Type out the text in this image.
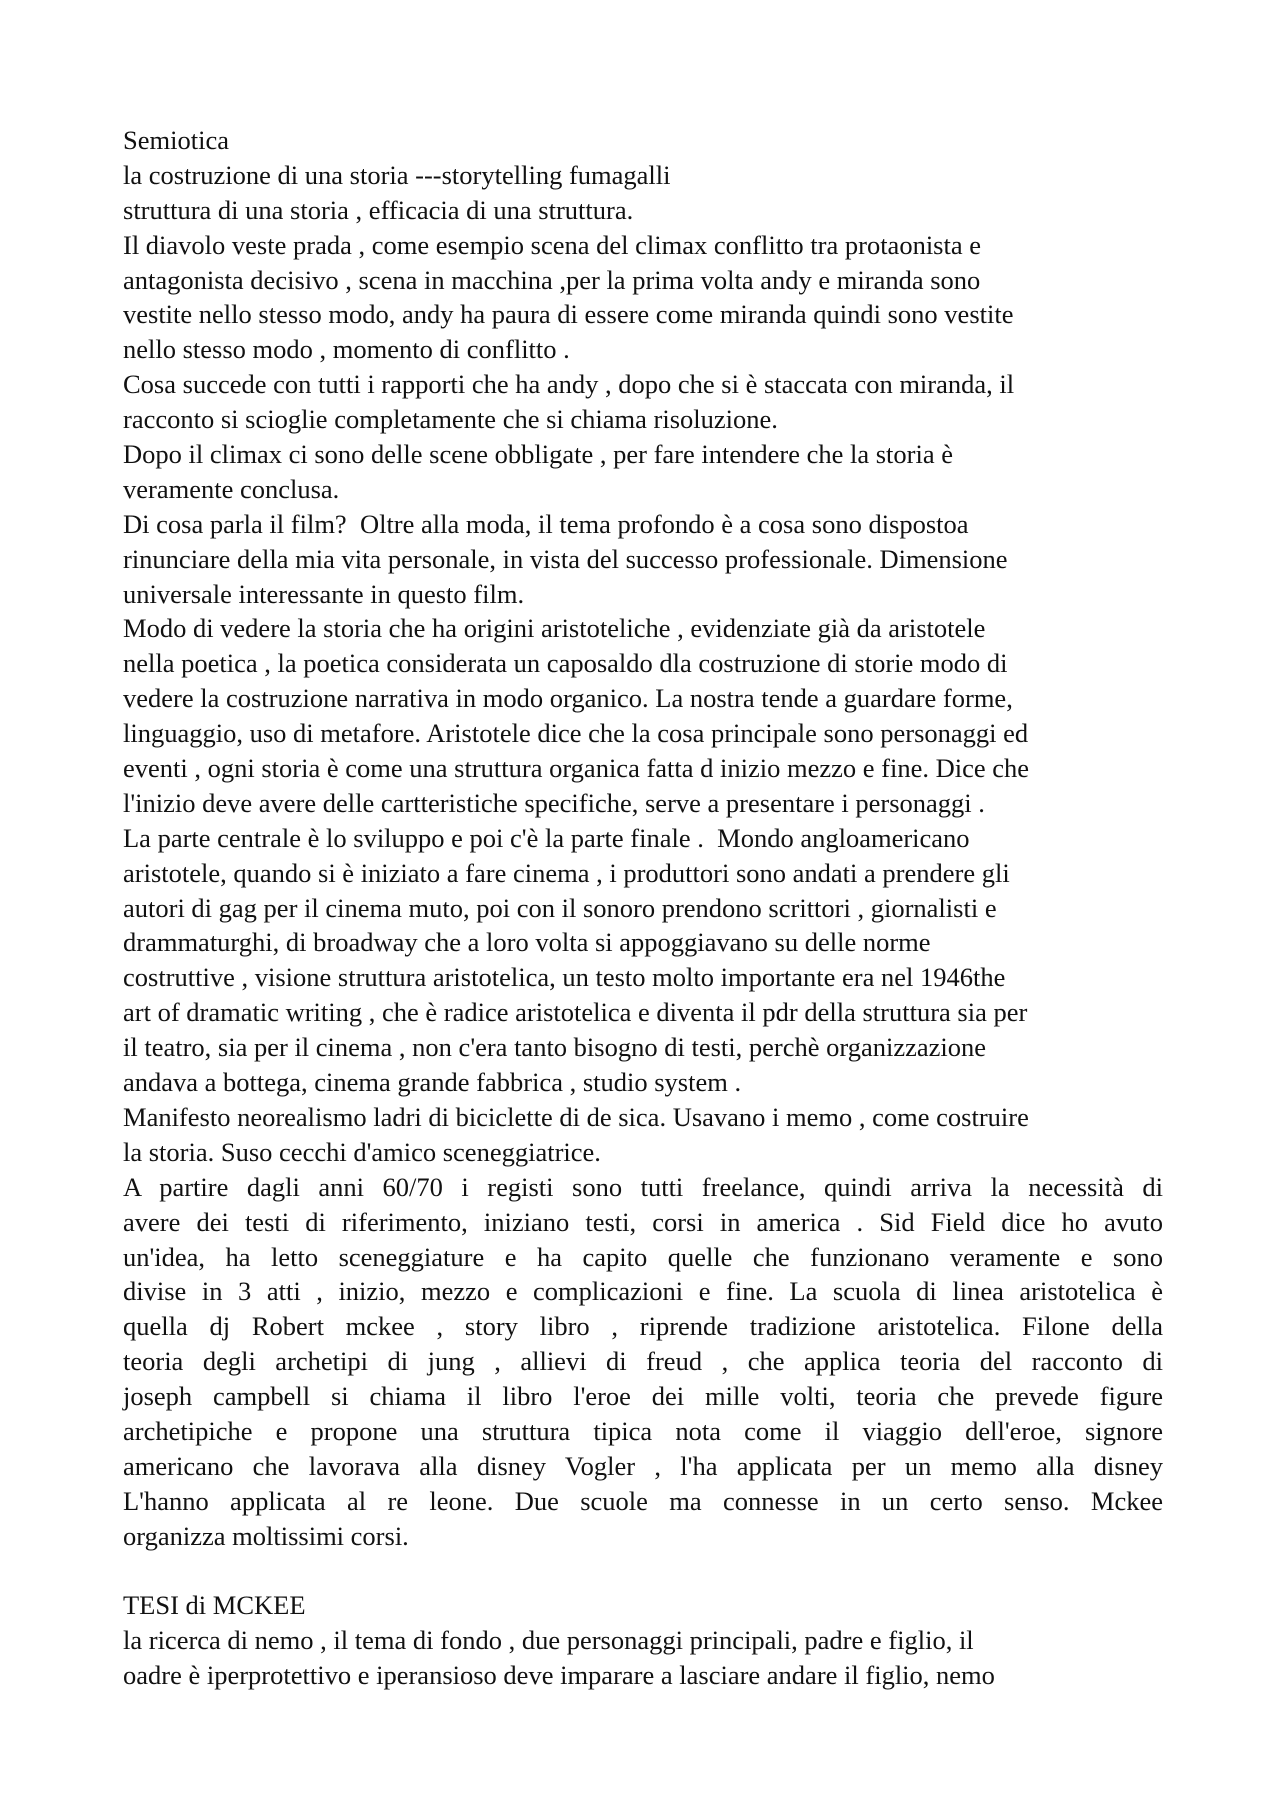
Semiotica
la costruzione di una storia ---storytelling fumagalli
struttura di una storia , efficacia di una struttura.
Il diavolo veste prada , come esempio scena del climax conflitto tra protaonista e
antagonista decisivo , scena in macchina ,per la prima volta andy e miranda sono
vestite nello stesso modo, andy ha paura di essere come miranda quindi sono vestite
nello stesso modo , momento di conflitto .
Cosa succede con tutti i rapporti che ha andy , dopo che si è staccata con miranda, il
racconto si scioglie completamente che si chiama risoluzione.
Dopo il climax ci sono delle scene obbligate , per fare intendere che la storia è
veramente conclusa.
Di cosa parla il film?  Oltre alla moda, il tema profondo è a cosa sono dispostoa
rinunciare della mia vita personale, in vista del successo professionale. Dimensione
universale interessante in questo film.
Modo di vedere la storia che ha origini aristoteliche , evidenziate già da aristotele
nella poetica , la poetica considerata un caposaldo dla costruzione di storie modo di
vedere la costruzione narrativa in modo organico. La nostra tende a guardare forme,
linguaggio, uso di metafore. Aristotele dice che la cosa principale sono personaggi ed
eventi , ogni storia è come una struttura organica fatta d inizio mezzo e fine. Dice che
l'inizio deve avere delle cartteristiche specifiche, serve a presentare i personaggi .
La parte centrale è lo sviluppo e poi c'è la parte finale .  Mondo angloamericano
aristotele, quando si è iniziato a fare cinema , i produttori sono andati a prendere gli
autori di gag per il cinema muto, poi con il sonoro prendono scrittori , giornalisti e
drammaturghi, di broadway che a loro volta si appoggiavano su delle norme
costruttive , visione struttura aristotelica, un testo molto importante era nel 1946the
art of dramatic writing , che è radice aristotelica e diventa il pdr della struttura sia per
il teatro, sia per il cinema , non c'era tanto bisogno di testi, perchè organizzazione
andava a bottega, cinema grande fabbrica , studio system .
Manifesto neorealismo ladri di biciclette di de sica. Usavano i memo , come costruire
la storia. Suso cecchi d'amico sceneggiatrice.
A partire dagli anni 60/70 i registi sono tutti freelance, quindi arriva la necessità di
avere dei testi di riferimento, iniziano testi, corsi in america . Sid Field dice ho avuto
un'idea, ha letto sceneggiature e ha capito quelle che funzionano veramente e sono
divise in 3 atti , inizio, mezzo e complicazioni e fine. La scuola di linea aristotelica è
quella dj Robert mckee , story libro , riprende tradizione aristotelica. Filone della
teoria degli archetipi di jung , allievi di freud , che applica teoria del racconto di
joseph campbell si chiama il libro l'eroe dei mille volti, teoria che prevede figure
archetipiche e propone una struttura tipica nota come il viaggio dell'eroe, signore
americano che lavorava alla disney Vogler , l'ha applicata per un memo alla disney
L'hanno applicata al re leone. Due scuole ma connesse in un certo senso. Mckee
organizza moltissimi corsi.
TESI di MCKEE
la ricerca di nemo , il tema di fondo , due personaggi principali, padre e figlio, il
oadre è iperprotettivo e iperansioso deve imparare a lasciare andare il figlio, nemo
